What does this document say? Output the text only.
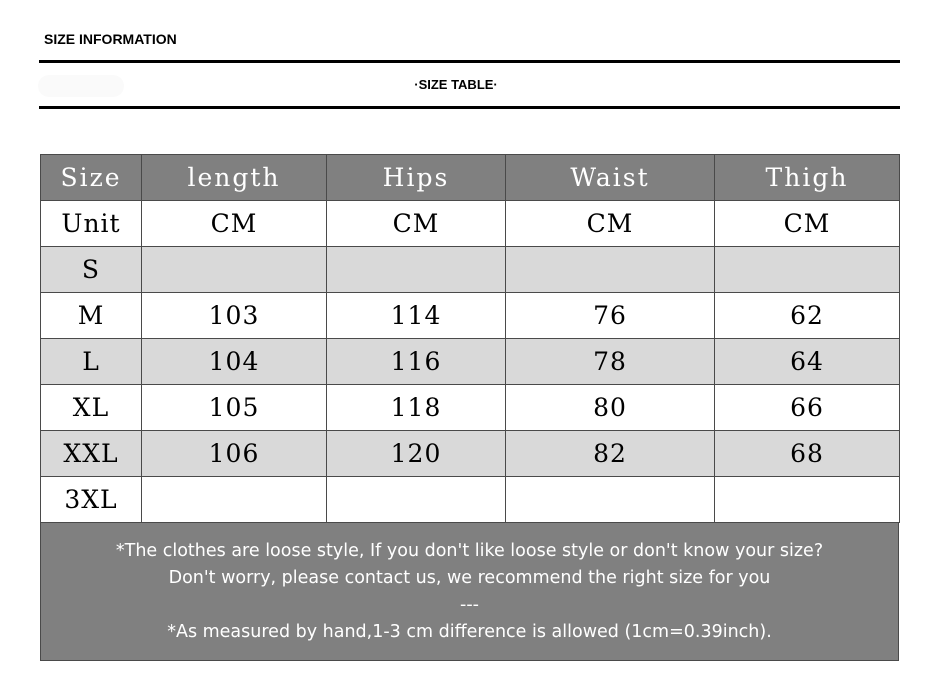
SIZE INFORMATION
·SIZE TABLE·
Size	length	Hips	Waist	Thigh
Unit	CM	CM	CM	CM
S				
M	103	114	76	62
L	104	116	78	64
XL	105	118	80	66
XXL	106	120	82	68
3XL				
*The clothes are loose style, If you don't like loose style or don't know your size?
Don't worry, please contact us, we recommend the right size for you
---
*As measured by hand,1-3 cm difference is allowed (1cm=0.39inch).
